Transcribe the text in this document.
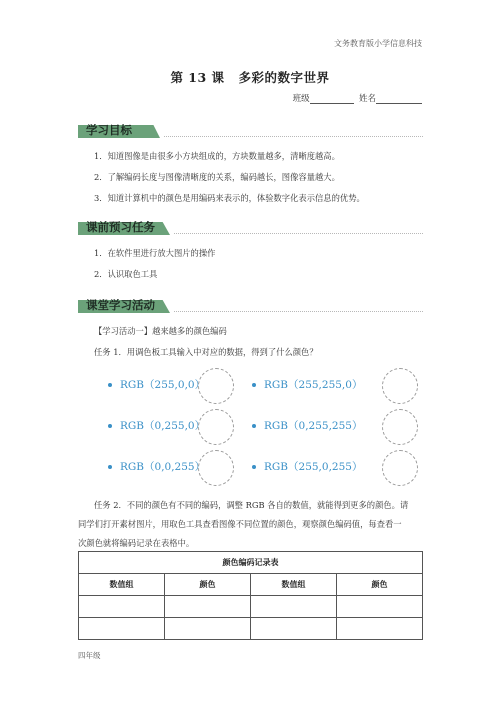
文务教育版小学信息科技
第 13 课 多彩的数字世界
班级	姓名
学习目标
1．知道图像是由很多小方块组成的，方块数量越多，清晰度越高。
2．了解编码长度与图像清晰度的关系，编码越长，图像容量越大。
3．知道计算机中的颜色是用编码来表示的，体验数字化表示信息的优势。
课前预习任务
1．在软件里进行放大图片的操作
2．认识取色工具
课堂学习活动
【学习活动一】越来越多的颜色编码
任务 1．用调色板工具输入中对应的数据，得到了什么颜色？
RGB（255,0,0）	RGB（255,255,0）
RGB（0,255,0）	RGB（0,255,255）
RGB（0,0,255）	RGB（255,0,255）

任务 2．不同的颜色有不同的编码，调整 RGB 各自的数值，就能得到更多的颜色。请

同学们打开素材图片，用取色工具查看图像不同位置的颜色，观察颜色编码值，每查看一
次颜色就将编码记录在表格中。
颜色编码记录表			
数值组	颜色	数值组	颜色

四年级
